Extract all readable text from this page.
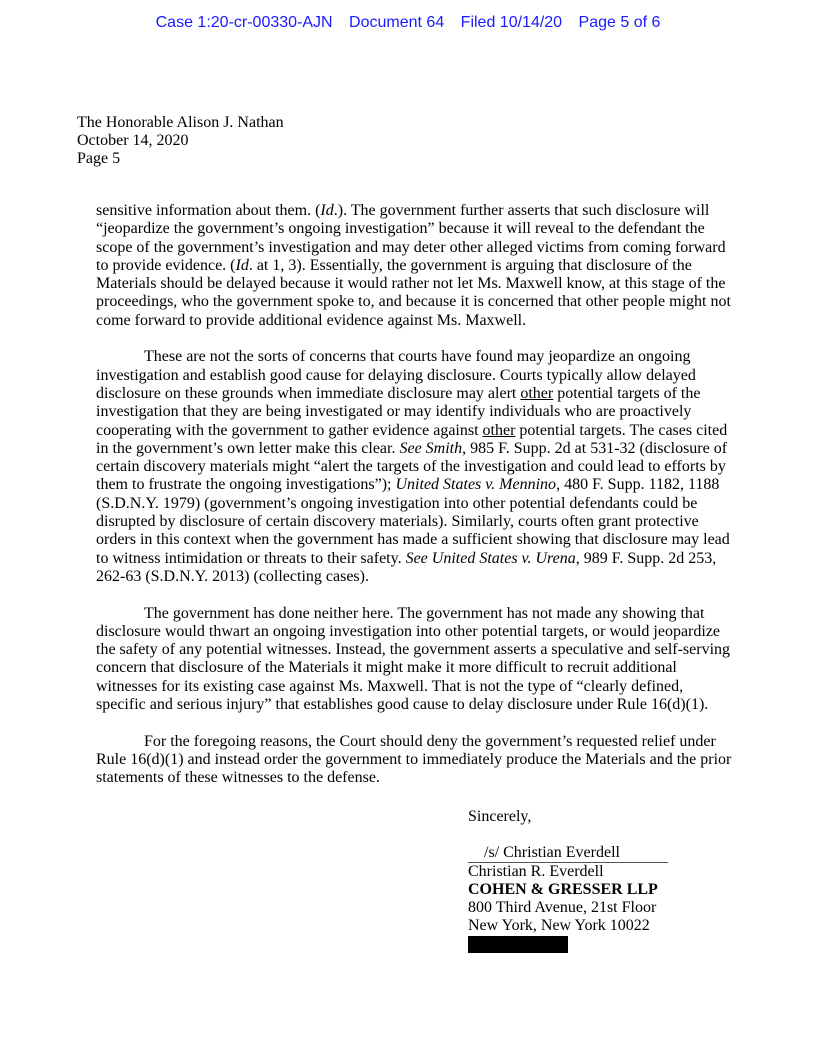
Case 1:20-cr-00330-AJN Document 64 Filed 10/14/20 Page 5 of 6
The Honorable Alison J. Nathan
October 14, 2020
Page 5

sensitive information about them. (Id.). The government further asserts that such disclosure will “jeopardize the government’s ongoing investigation” because it will reveal to the defendant the scope of the government’s investigation and may deter other alleged victims from coming forward to provide evidence. (Id. at 1, 3). Essentially, the government is arguing that disclosure of the Materials should be delayed because it would rather not let Ms. Maxwell know, at this stage of the proceedings, who the government spoke to, and because it is concerned that other people might not come forward to provide additional evidence against Ms. Maxwell.

These are not the sorts of concerns that courts have found may jeopardize an ongoing investigation and establish good cause for delaying disclosure. Courts typically allow delayed disclosure on these grounds when immediate disclosure may alert other potential targets of the investigation that they are being investigated or may identify individuals who are proactively cooperating with the government to gather evidence against other potential targets. The cases cited in the government’s own letter make this clear. See Smith, 985 F. Supp. 2d at 531-32 (disclosure of certain discovery materials might “alert the targets of the investigation and could lead to efforts by them to frustrate the ongoing investigations”); United States v. Mennino, 480 F. Supp. 1182, 1188 (S.D.N.Y. 1979) (government’s ongoing investigation into other potential defendants could be disrupted by disclosure of certain discovery materials). Similarly, courts often grant protective orders in this context when the government has made a sufficient showing that disclosure may lead to witness intimidation or threats to their safety. See United States v. Urena, 989 F. Supp. 2d 253, 262-63 (S.D.N.Y. 2013) (collecting cases).

The government has done neither here. The government has not made any showing that disclosure would thwart an ongoing investigation into other potential targets, or would jeopardize the safety of any potential witnesses. Instead, the government asserts a speculative and self-serving concern that disclosure of the Materials it might make it more difficult to recruit additional witnesses for its existing case against Ms. Maxwell. That is not the type of “clearly defined, specific and serious injury” that establishes good cause to delay disclosure under Rule 16(d)(1).

For the foregoing reasons, the Court should deny the government’s requested relief under Rule 16(d)(1) and instead order the government to immediately produce the Materials and the prior statements of these witnesses to the defense.

Sincerely,
/s/ Christian Everdell
Christian R. Everdell
COHEN & GRESSER LLP
800 Third Avenue, 21st Floor
New York, New York 10022
